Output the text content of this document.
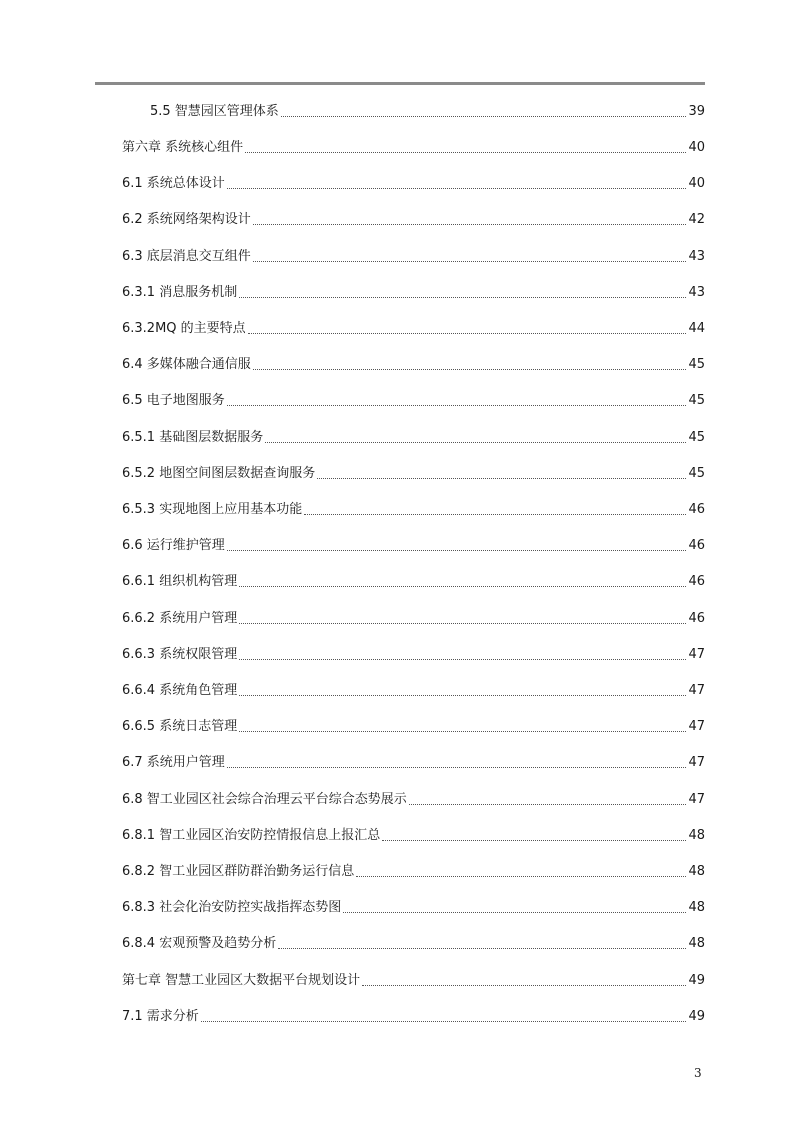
5.5 智慧园区管理体系	39
第六章 系统核心组件	40
6.1 系统总体设计	40
6.2 系统网络架构设计	42
6.3 底层消息交互组件	43
6.3.1 消息服务机制	43
6.3.2MQ 的主要特点	44
6.4 多媒体融合通信服	45
6.5 电子地图服务	45
6.5.1 基础图层数据服务	45
6.5.2 地图空间图层数据查询服务	45
6.5.3 实现地图上应用基本功能	46
6.6 运行维护管理	46
6.6.1 组织机构管理	46
6.6.2 系统用户管理	46
6.6.3 系统权限管理	47
6.6.4 系统角色管理	47
6.6.5 系统日志管理	47
6.7 系统用户管理	47
6.8 智工业园区社会综合治理云平台综合态势展示	47
6.8.1 智工业园区治安防控情报信息上报汇总	48
6.8.2 智工业园区群防群治勤务运行信息	48
6.8.3 社会化治安防控实战指挥态势图	48
6.8.4 宏观预警及趋势分析	48
第七章 智慧工业园区大数据平台规划设计	49
7.1 需求分析	49
3
